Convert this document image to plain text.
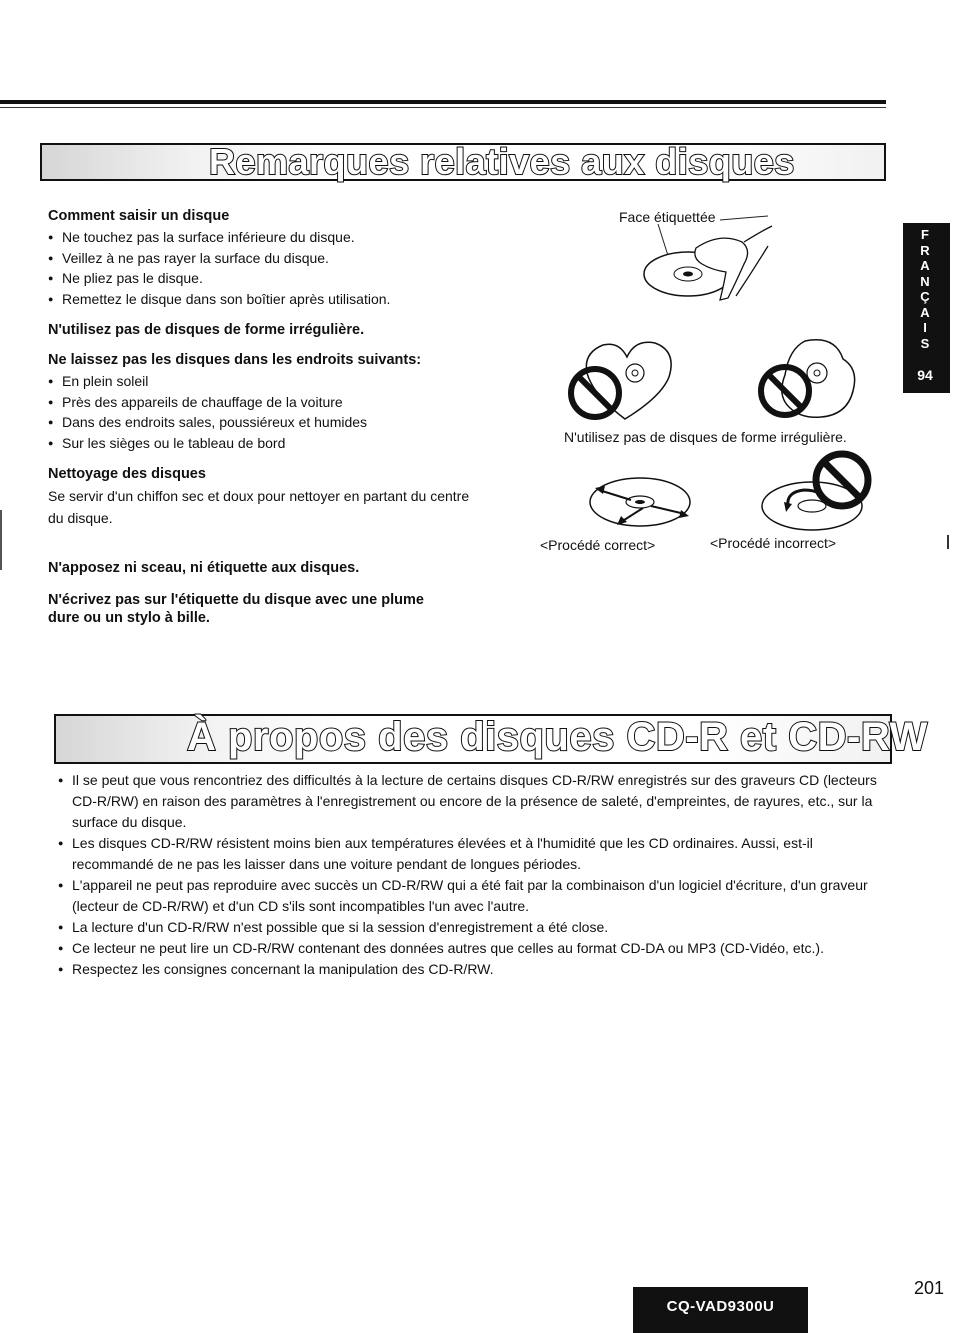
Remarques relatives aux disques

Comment saisir un disque

● Ne touchez pas la surface inférieure du disque.
● Veillez à ne pas rayer la surface du disque.
● Ne pliez pas le disque.
● Remettez le disque dans son boîtier après utilisation.

N'utilisez pas de disques de forme irrégulière.

Ne laissez pas les disques dans les endroits suivants:

● En plein soleil
● Près des appareils de chauffage de la voiture
● Dans des endroits sales, poussiéreux et humides
● Sur les sièges ou le tableau de bord

Nettoyage des disques

Se servir d'un chiffon sec et doux pour nettoyer en partant du centre du disque.

N'apposez ni sceau, ni étiquette aux disques.

N'écrivez pas sur l'étiquette du disque avec une plume dure ou un stylo à bille.

Face étiquettée
N'utilisez pas de disques de forme irrégulière.
<Procédé correct>	<Procédé incorrect>
F
R
A
N
Ç
A
I
S
94
À propos des disques CD-R et CD-RW
● Il se peut que vous rencontriez des difficultés à la lecture de certains disques CD-R/RW enregistrés sur des graveurs CD (lecteurs CD-R/RW) en raison des paramètres à l'enregistrement ou encore de la présence de saleté, d'empreintes, de rayures, etc., sur la surface du disque.
● Les disques CD-R/RW résistent moins bien aux températures élevées et à l'humidité que les CD ordinaires. Aussi, est-il recommandé de ne pas les laisser dans une voiture pendant de longues périodes.
● L'appareil ne peut pas reproduire avec succès un CD-R/RW qui a été fait par la combinaison d'un logiciel d'écriture, d'un graveur (lecteur de CD-R/RW) et d'un CD s'ils sont incompatibles l'un avec l'autre.
● La lecture d'un CD-R/RW n'est possible que si la session d'enregistrement a été close.
● Ce lecteur ne peut lire un CD-R/RW contenant des données autres que celles au format CD-DA ou MP3 (CD-Vidéo, etc.).
● Respectez les consignes concernant la manipulation des CD-R/RW.
CQ-VAD9300U
201
